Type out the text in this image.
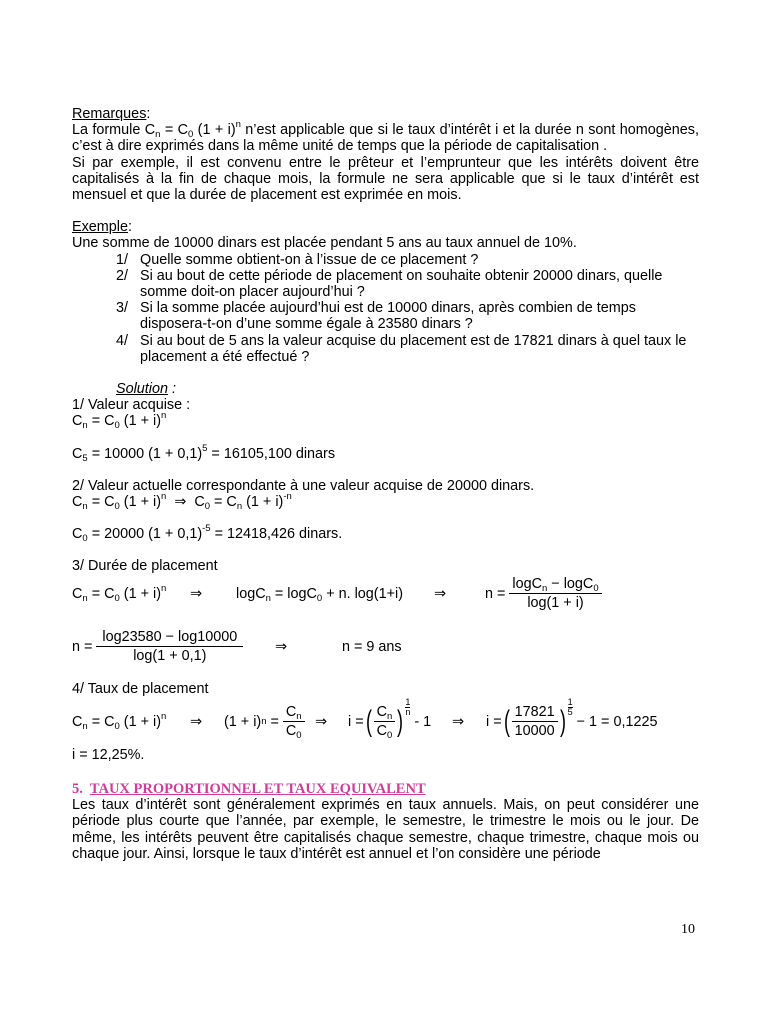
Remarques:

La formule $C_n = C_0$ $(1 + i)^n$ n’est applicable que si le taux d’intérêt i et la durée n sont homogènes, c’est à dire exprimés dans la même unité de temps que la période de capitalisation .

Si par exemple, il est convenu entre le prêteur et l’emprunteur que les intérêts doivent être capitalisés à la fin de chaque mois, la formule ne sera applicable que si le taux d’intérêt est mensuel et que la durée de placement est exprimée en mois.

Exemple:

Une somme de 10000 dinars est placée pendant 5 ans au taux annuel de 10%.

1/ Quelle somme obtient-on à l’issue de ce placement ?
2/ Si au bout de cette période de placement on souhaite obtenir 20000 dinars, quelle somme doit-on placer aujourd’hui ?
3/ Si la somme placée aujourd’hui est de 10000 dinars, après combien de temps disposera-t-on d’une somme égale à 23580 dinars ?
4/ Si au bout de 5 ans la valeur acquise du placement est de 17821 dinars à quel taux le placement a été effectué ?

Solution :

1/ Valeur acquise :

$C_n = C_0$ $(1 + i)^n$

$C_5 = 10000$ $(1 + 0,1)^5 = 16105,100$ dinars

2/ Valeur actuelle correspondante à une valeur acquise de 20000 dinars.

$C_n = C_0$ $(1 + i)^n$  ⇒  $C_0 = C_n$ $(1 + i)^{-n}$

$C_0 = 20000$ $(1 + 0,1)^{-5} = 12418,426$ dinars.

3/ Durée de placement

$C_n = C_0$ $(1 + i)^n$ ⇒ logC$_n$ = logC$_0$ + n. log(1+i) ⇒	$n = \frac{\log C_n - \log C_0}{\log(1 + i)}$
$n = \frac{\log 23580 - \log 10000}{\log(1 + 0,1)}$ ⇒	n = 9 ans

4/ Taux de placement

$C_n = C_0$ $(1 + i)^n$ ⇒ (1 + i) $n = \frac{C_n}{C_0}$ ⇒ i = ( $\frac{C_n}{C_0}$ )
1
n
- 1 ⇒ i = ( $\frac{17821}{10000}$ )
1
5

− 1 = 0,1225

i = 12,25%.

5. TAUX PROPORTIONNEL ET TAUX EQUIVALENT

Les taux d’intérêt sont généralement exprimés en taux annuels. Mais, on peut considérer une période plus courte que l’année, par exemple, le semestre, le trimestre le mois ou le jour. De même, les intérêts peuvent être capitalisés chaque semestre, chaque trimestre, chaque mois ou chaque jour. Ainsi, lorsque le taux d’intérêt est annuel et l’on considère une période

10
